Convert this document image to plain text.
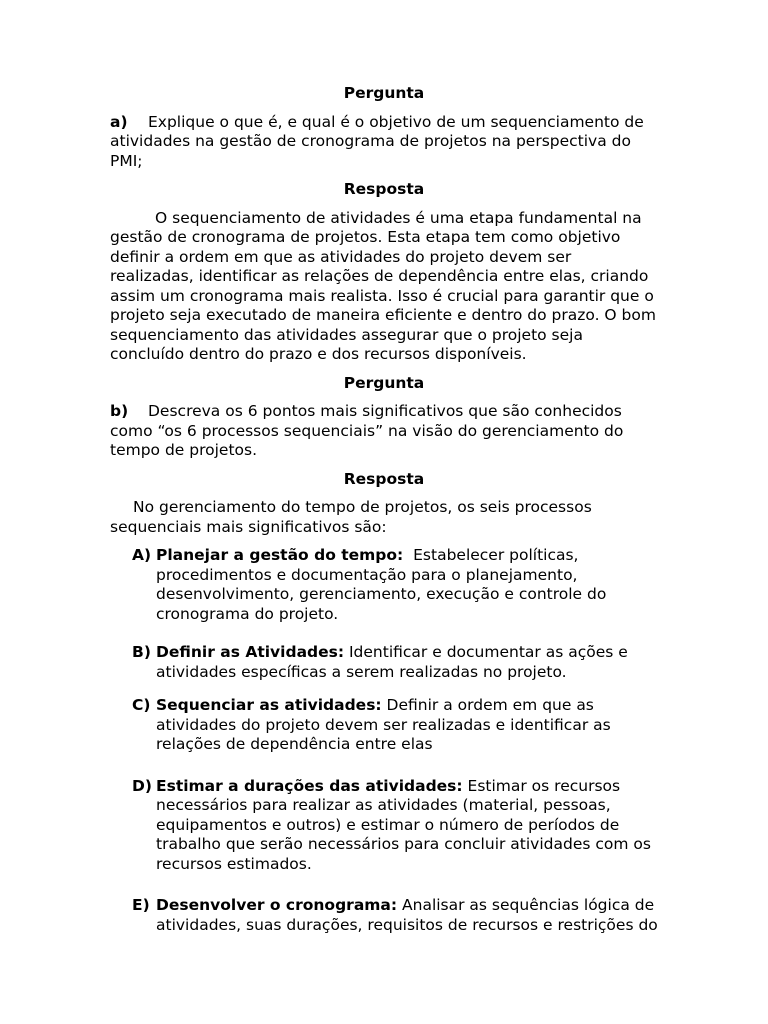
Pergunta

a) Explique o que é, e qual é o objetivo de um sequenciamento de atividades na gestão de cronograma de projetos na perspectiva do PMI;

Resposta

O sequenciamento de atividades é uma etapa fundamental na gestão de cronograma de projetos. Esta etapa tem como objetivo definir a ordem em que as atividades do projeto devem ser realizadas, identificar as relações de dependência entre elas, criando assim um cronograma mais realista. Isso é crucial para garantir que o projeto seja executado de maneira eficiente e dentro do prazo. O bom sequenciamento das atividades assegurar que o projeto seja concluído dentro do prazo e dos recursos disponíveis.

Pergunta

b) Descreva os 6 pontos mais significativos que são conhecidos como “os 6 processos sequenciais” na visão do gerenciamento do tempo de projetos.

Resposta

No gerenciamento do tempo de projetos, os seis processos sequenciais mais significativos são:

A) Planejar a gestão do tempo:  Estabelecer políticas, procedimentos e documentação para o planejamento, desenvolvimento, gerenciamento, execução e controle do cronograma do projeto.
B) Definir as Atividades: Identificar e documentar as ações e atividades específicas a serem realizadas no projeto.
C) Sequenciar as atividades: Definir a ordem em que as atividades do projeto devem ser realizadas e identificar as relações de dependência entre elas
D) Estimar a durações das atividades: Estimar os recursos necessários para realizar as atividades (material, pessoas, equipamentos e outros) e estimar o número de períodos de trabalho que serão necessários para concluir atividades com os recursos estimados.
E) Desenvolver o cronograma: Analisar as sequências lógica de atividades, suas durações, requisitos de recursos e restrições do
